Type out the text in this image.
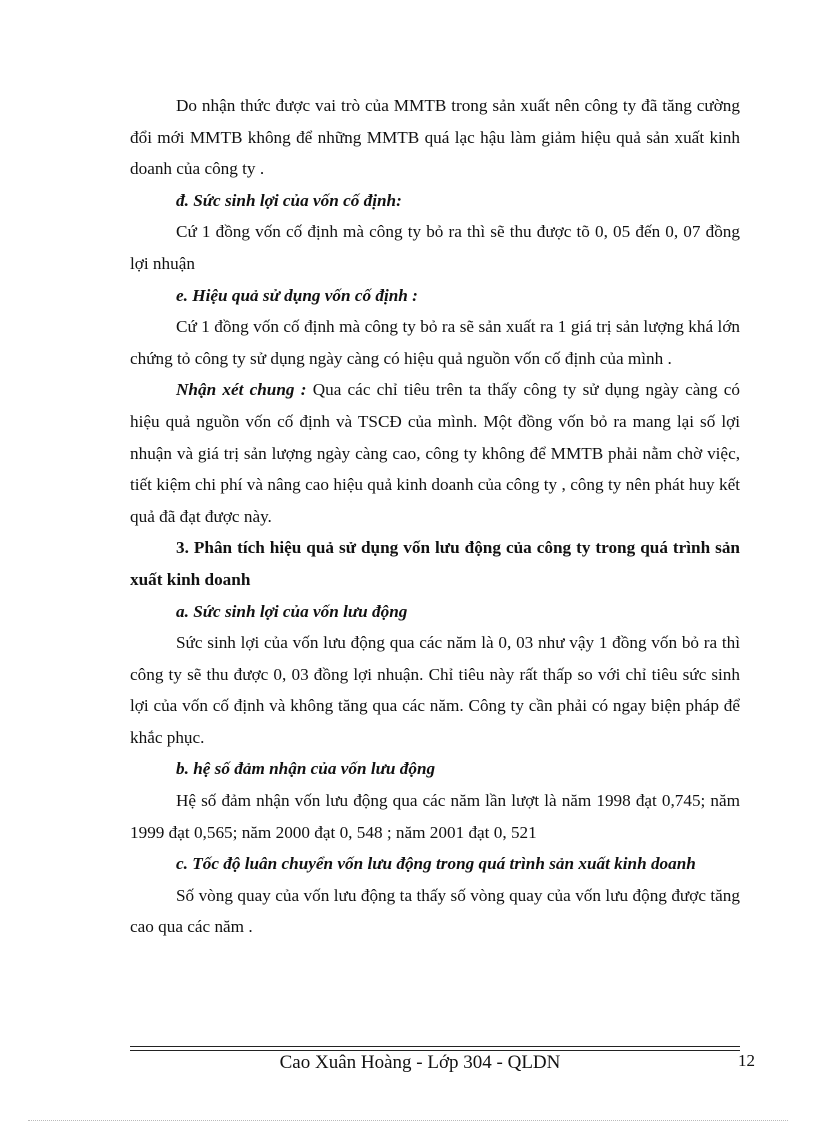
Do nhận thức được vai trò của MMTB trong sản xuất nên công ty đã tăng cường đổi mới MMTB không để những MMTB quá lạc hậu làm giảm hiệu quả sản xuất kinh doanh của công ty .

đ. Sức sinh lợi của vốn cố định:

Cứ 1 đồng vốn cố định mà công ty bỏ ra thì sẽ thu được tõ 0, 05 đến 0, 07 đồng lợi nhuận

e. Hiệu quả sử dụng vốn cố định :

Cứ 1 đồng vốn cố định mà công ty bỏ ra sẽ sản xuất ra 1 giá trị sản lượng khá lớn chứng tỏ công ty sử dụng ngày càng có hiệu quả nguồn vốn cố định của mình .

Nhận xét chung : Qua các chỉ tiêu trên ta thấy công ty sử dụng ngày càng có hiệu quả nguồn vốn cố định và TSCĐ của mình. Một đồng vốn bỏ ra mang lại số lợi nhuận và giá trị sản lượng ngày càng cao, công ty không để MMTB phải nằm chờ việc, tiết kiệm chi phí và nâng cao hiệu quả kinh doanh của công ty , công ty nên phát huy kết quả đã đạt được này.

3. Phân tích hiệu quả sử dụng vốn lưu động của công ty trong quá trình sản xuất kinh doanh

a. Sức sinh lợi của vốn lưu động

Sức sinh lợi của vốn lưu động qua các năm là 0, 03 như vậy 1 đồng vốn bỏ ra thì công ty sẽ thu được 0, 03 đồng lợi nhuận. Chỉ tiêu này rất thấp so với chỉ tiêu sức sinh lợi của vốn cố định và không tăng qua các năm. Công ty cần phải có ngay biện pháp để khắc phục.

b. hệ số đảm nhận của vốn lưu động

Hệ số đảm nhận vốn lưu động qua các năm lần lượt là năm 1998 đạt 0,745; năm 1999 đạt 0,565; năm 2000 đạt 0, 548 ; năm 2001 đạt 0, 521

c. Tốc độ luân chuyển vốn lưu động trong quá trình sản xuất kinh doanh

Số vòng quay của vốn lưu động ta thấy số vòng quay của vốn lưu động được tăng cao qua các năm .

Cao Xuân Hoàng - Lớp 304 - QLDN	12
